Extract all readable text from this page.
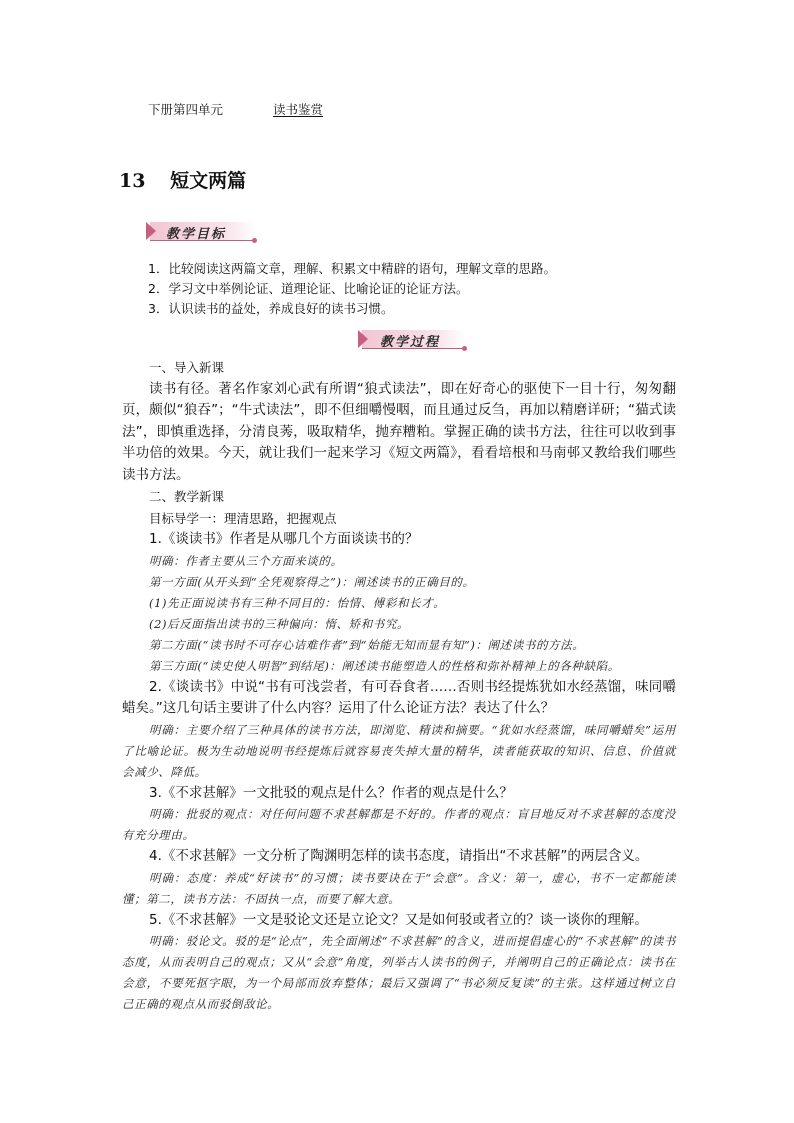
下册第四单元	读书鉴赏
13 短文两篇
教学目标
1．比较阅读这两篇文章，理解、积累文中精辟的语句，理解文章的思路。
2．学习文中举例论证、道理论证、比喻论证的论证方法。
3．认识读书的益处，养成良好的读书习惯。
教学过程

一、导入新课

读书有径。著名作家刘心武有所谓“狼式读法”，即在好奇心的驱使下一目十行，匆匆翻页，颇似“狼吞”；“牛式读法”，即不但细嚼慢咽，而且通过反刍，再加以精磨详研；“猫式读法”，即慎重选择，分清良莠，吸取精华，抛弃糟粕。掌握正确的读书方法，往往可以收到事半功倍的效果。今天，就让我们一起来学习《短文两篇》，看看培根和马南邨又教给我们哪些读书方法。

二、教学新课

目标导学一：理清思路，把握观点

1.《谈读书》作者是从哪几个方面谈读书的？

明确：作者主要从三个方面来谈的。

第一方面(从开头到“全凭观察得之”)：阐述读书的正确目的。

(1)先正面说读书有三种不同目的：怡情、傅彩和长才。

(2)后反面指出读书的三种偏向：惰、矫和书究。

第二方面(“读书时不可存心诘难作者”到“始能无知而显有知”)：阐述读书的方法。

第三方面(“读史使人明智”到结尾)：阐述读书能塑造人的性格和弥补精神上的各种缺陷。

2.《谈读书》中说“书有可浅尝者，有可吞食者……否则书经提炼犹如水经蒸馏，味同嚼蜡矣。”这几句话主要讲了什么内容？运用了什么论证方法？表达了什么？

明确：主要介绍了三种具体的读书方法，即浏览、精读和摘要。“犹如水经蒸馏，味同嚼蜡矣”运用了比喻论证。极为生动地说明书经提炼后就容易丧失掉大量的精华，读者能获取的知识、信息、价值就会减少、降低。

3.《不求甚解》一文批驳的观点是什么？作者的观点是什么？

明确：批驳的观点：对任何问题不求甚解都是不好的。作者的观点：盲目地反对不求甚解的态度没有充分理由。

4.《不求甚解》一文分析了陶渊明怎样的读书态度，请指出“不求甚解”的两层含义。

明确：态度：养成“好读书”的习惯；读书要诀在于“会意”。含义：第一，虚心，书不一定都能读懂；第二，读书方法：不固执一点，而要了解大意。

5.《不求甚解》一文是驳论文还是立论文？又是如何驳或者立的？谈一谈你的理解。

明确：驳论文。驳的是“论点”，先全面阐述“不求甚解”的含义，进而提倡虚心的“不求甚解”的读书态度，从而表明自己的观点；又从“会意”角度，列举古人读书的例子，并阐明自己的正确论点：读书在会意，不要死抠字眼，为一个局部而放弃整体；最后又强调了“书必须反复读”的主张。这样通过树立自己正确的观点从而驳倒敌论。
